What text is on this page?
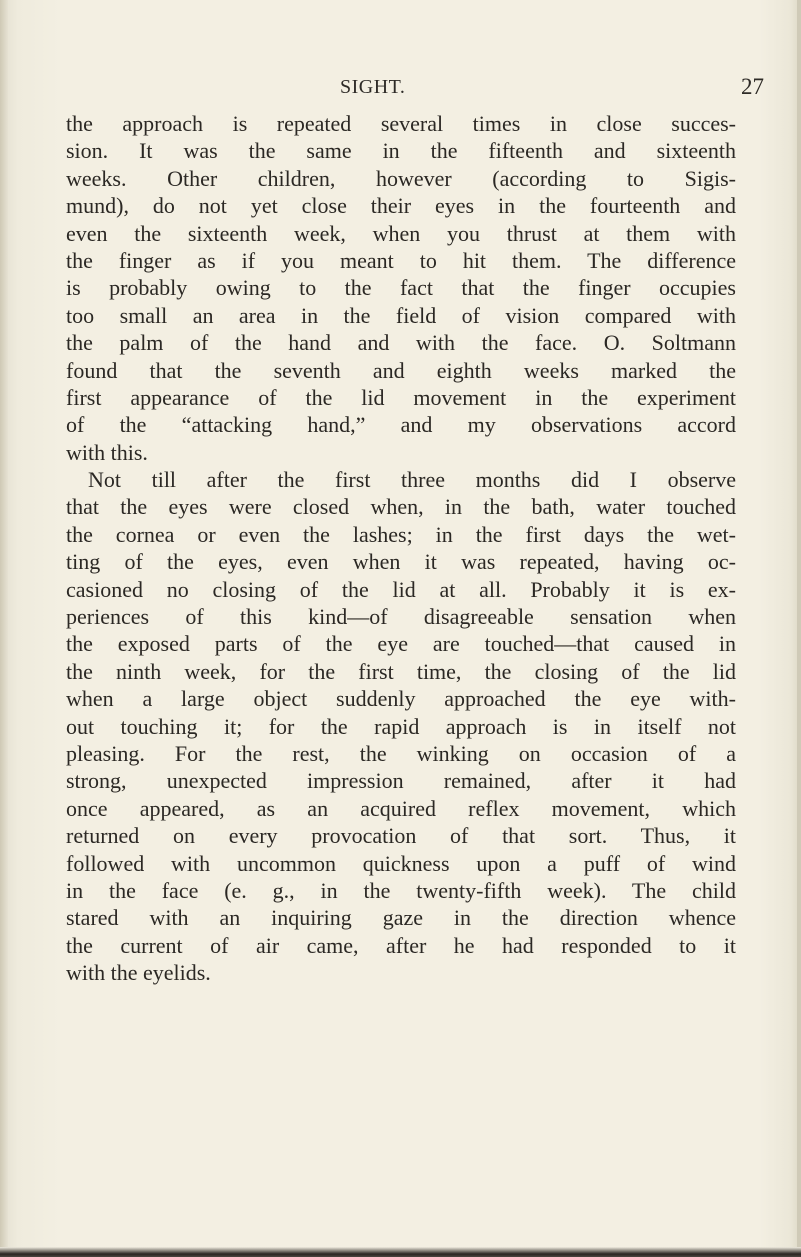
SIGHT.	27
the approach is repeated several times in close succes-
sion. It was the same in the fifteenth and sixteenth
weeks. Other children, however (according to Sigis-
mund), do not yet close their eyes in the fourteenth and
even the sixteenth week, when you thrust at them with
the finger as if you meant to hit them. The difference
is probably owing to the fact that the finger occupies
too small an area in the field of vision compared with
the palm of the hand and with the face. O. Soltmann
found that the seventh and eighth weeks marked the
first appearance of the lid movement in the experiment
of the “attacking hand,” and my observations accord
with this.
Not till after the first three months did I observe
that the eyes were closed when, in the bath, water touched
the cornea or even the lashes; in the first days the wet-
ting of the eyes, even when it was repeated, having oc-
casioned no closing of the lid at all. Probably it is ex-
periences of this kind—of disagreeable sensation when
the exposed parts of the eye are touched—that caused in
the ninth week, for the first time, the closing of the lid
when a large object suddenly approached the eye with-
out touching it; for the rapid approach is in itself not
pleasing. For the rest, the winking on occasion of a
strong, unexpected impression remained, after it had
once appeared, as an acquired reflex movement, which
returned on every provocation of that sort. Thus, it
followed with uncommon quickness upon a puff of wind
in the face (e. g., in the twenty-fifth week). The child
stared with an inquiring gaze in the direction whence
the current of air came, after he had responded to it
with the eyelids.
